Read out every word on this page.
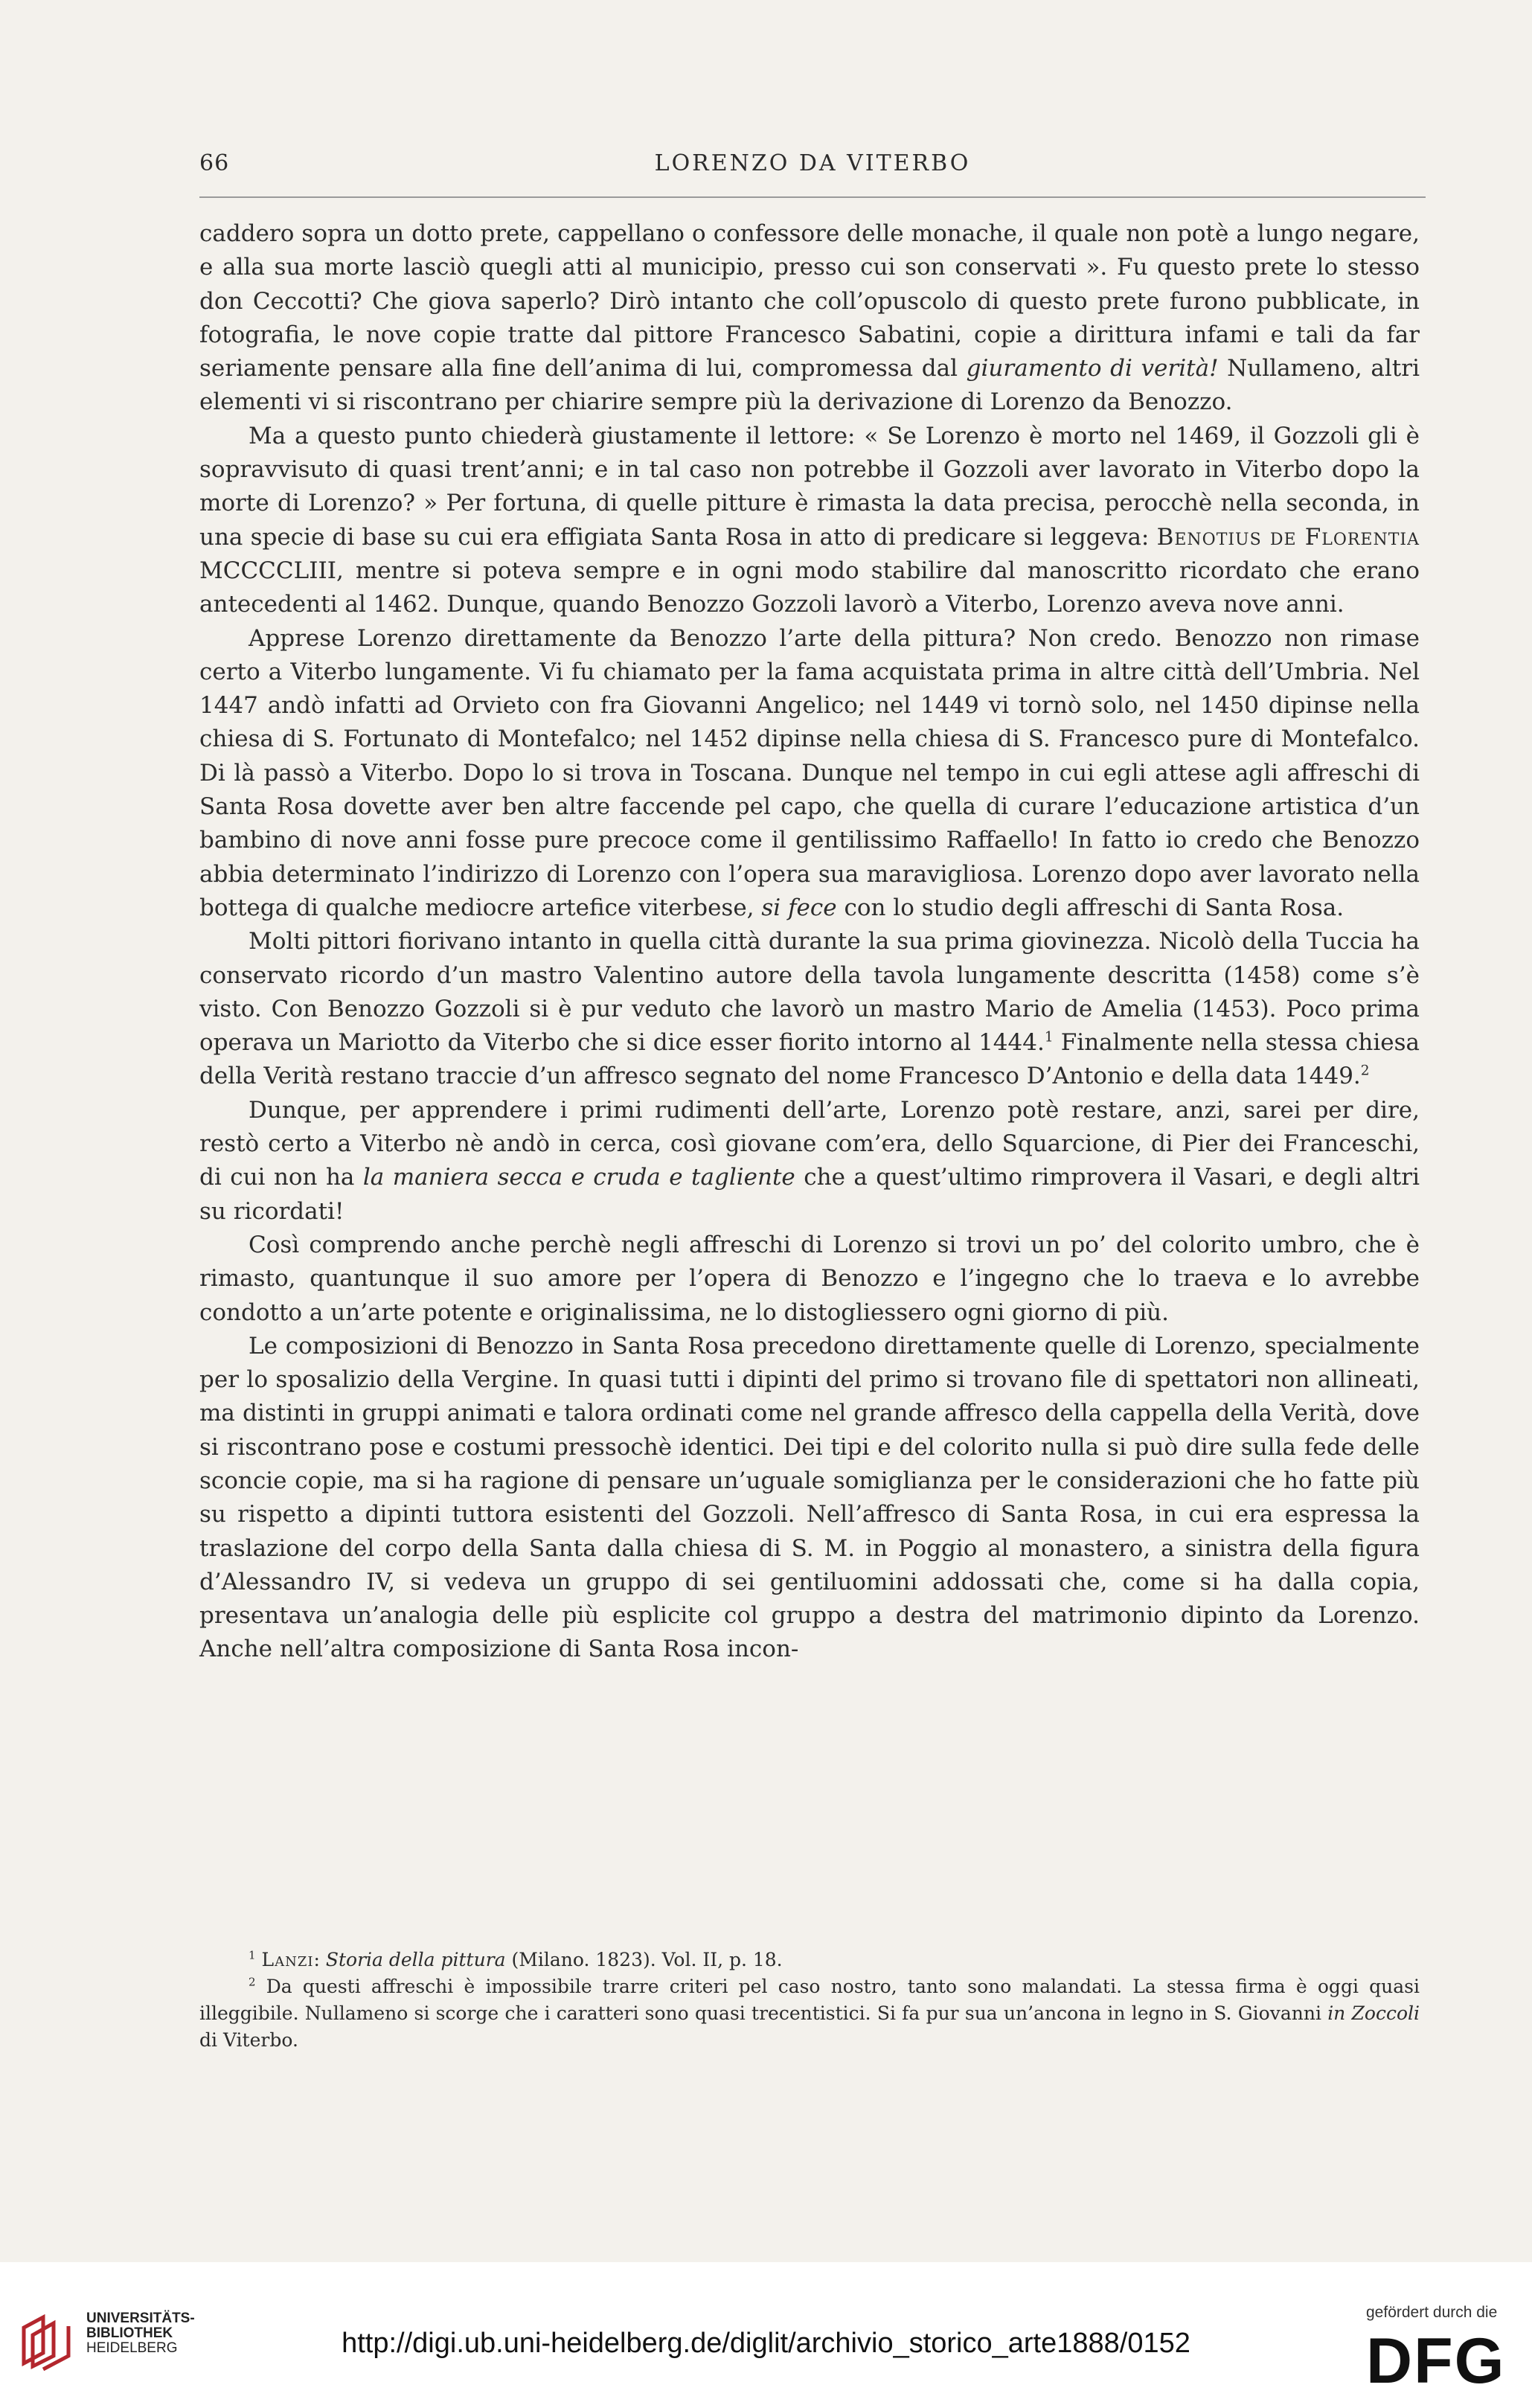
66	LORENZO DA VITERBO

caddero sopra un dotto prete, cappellano o confessore delle monache, il quale non potè a lungo negare, e alla sua morte lasciò quegli atti al municipio, presso cui son conservati ». Fu questo prete lo stesso don Ceccotti? Che giova saperlo? Dirò intanto che coll’opuscolo di questo prete furono pubblicate, in fotografia, le nove copie tratte dal pittore Francesco Sabatini, copie a dirittura infami e tali da far seriamente pensare alla fine dell’anima di lui, compromessa dal giuramento di verità! Nullameno, altri elementi vi si riscontrano per chiarire sempre più la derivazione di Lorenzo da Benozzo.

Ma a questo punto chiederà giustamente il lettore: « Se Lorenzo è morto nel 1469, il Gozzoli gli è sopravvisuto di quasi trent’anni; e in tal caso non potrebbe il Gozzoli aver lavorato in Viterbo dopo la morte di Lorenzo? » Per fortuna, di quelle pitture è rimasta la data precisa, perocchè nella seconda, in una specie di base su cui era effigiata Santa Rosa in atto di predicare si leggeva: Benotius de Florentia MCCCCLIII, mentre si poteva sempre e in ogni modo stabilire dal manoscritto ricordato che erano antecedenti al 1462. Dunque, quando Benozzo Gozzoli lavorò a Viterbo, Lorenzo aveva nove anni.

Apprese Lorenzo direttamente da Benozzo l’arte della pittura? Non credo. Benozzo non rimase certo a Viterbo lungamente. Vi fu chiamato per la fama acquistata prima in altre città dell’Umbria. Nel 1447 andò infatti ad Orvieto con fra Giovanni Angelico; nel 1449 vi tornò solo, nel 1450 dipinse nella chiesa di S. Fortunato di Montefalco; nel 1452 dipinse nella chiesa di S. Francesco pure di Montefalco. Di là passò a Viterbo. Dopo lo si trova in Toscana. Dunque nel tempo in cui egli attese agli affreschi di Santa Rosa dovette aver ben altre faccende pel capo, che quella di curare l’educazione artistica d’un bambino di nove anni fosse pure precoce come il gentilissimo Raffaello! In fatto io credo che Benozzo abbia determinato l’indirizzo di Lorenzo con l’opera sua maravigliosa. Lorenzo dopo aver lavorato nella bottega di qualche mediocre artefice viterbese, si fece con lo studio degli affreschi di Santa Rosa.

Molti pittori fiorivano intanto in quella città durante la sua prima giovinezza. Nicolò della Tuccia ha conservato ricordo d’un mastro Valentino autore della tavola lungamente descritta (1458) come s’è visto. Con Benozzo Gozzoli si è pur veduto che lavorò un mastro Mario de Amelia (1453). Poco prima operava un Mariotto da Viterbo che si dice esser fiorito intorno al 1444.$^1$ Finalmente nella stessa chiesa della Verità restano traccie d’un affresco segnato del nome Francesco D’Antonio e della data 1449.$^2$

Dunque, per apprendere i primi rudimenti dell’arte, Lorenzo potè restare, anzi, sarei per dire, restò certo a Viterbo nè andò in cerca, così giovane com’era, dello Squarcione, di Pier dei Franceschi, di cui non ha la maniera secca e cruda e tagliente che a quest’ultimo rimprovera il Vasari, e degli altri su ricordati!

Così comprendo anche perchè negli affreschi di Lorenzo si trovi un po’ del colorito umbro, che è rimasto, quantunque il suo amore per l’opera di Benozzo e l’ingegno che lo traeva e lo avrebbe condotto a un’arte potente e originalissima, ne lo distogliessero ogni giorno di più.

Le composizioni di Benozzo in Santa Rosa precedono direttamente quelle di Lorenzo, specialmente per lo sposalizio della Vergine. In quasi tutti i dipinti del primo si trovano file di spettatori non allineati, ma distinti in gruppi animati e talora ordinati come nel grande affresco della cappella della Verità, dove si riscontrano pose e costumi pressochè identici. Dei tipi e del colorito nulla si può dire sulla fede delle sconcie copie, ma si ha ragione di pensare un’uguale somiglianza per le considerazioni che ho fatte più su rispetto a dipinti tuttora esistenti del Gozzoli. Nell’affresco di Santa Rosa, in cui era espressa la traslazione del corpo della Santa dalla chiesa di S. M. in Poggio al monastero, a sinistra della figura d’Alessandro IV, si vedeva un gruppo di sei gentiluomini addossati che, come si ha dalla copia, presentava un’analogia delle più esplicite col gruppo a destra del matrimonio dipinto da Lorenzo. Anche nell’altra composizione di Santa Rosa incon-

$^1$ Lanzi: Storia della pittura (Milano. 1823). Vol. II, p. 18.

$^2$ Da questi affreschi è impossibile trarre criteri pel caso nostro, tanto sono malandati. La stessa firma è oggi quasi illeggibile. Nullameno si scorge che i caratteri sono quasi trecentistici. Si fa pur sua un’ancona in legno in S. Giovanni in Zoccoli di Viterbo.

UNIVERSITÄTS-
BIBLIOTHEK
HEIDELBERG	http://digi.ub.uni-heidelberg.de/diglit/archivio_storico_arte1888/0152
gefördert durch die
DFG
